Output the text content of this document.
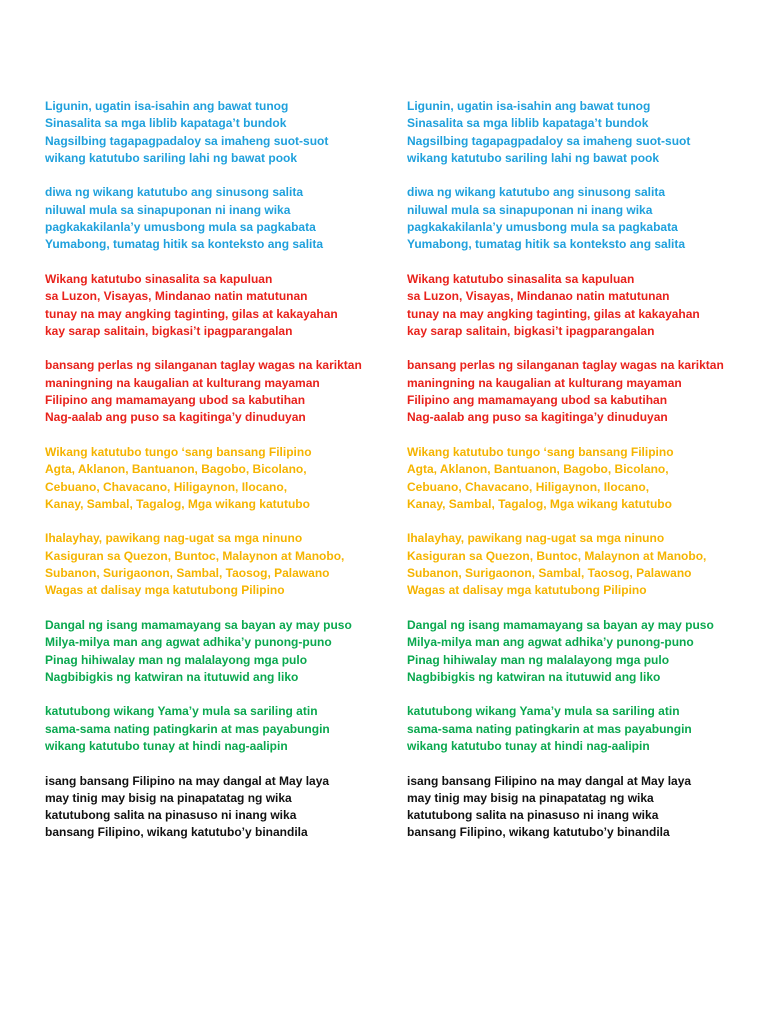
Ligunin, ugatin isa-isahin ang bawat tunog
Sinasalita sa mga liblib kapataga’t bundok
Nagsilbing tagapagpadaloy sa imaheng suot-suot
wikang katutubo sariling lahi ng bawat pook
diwa ng wikang katutubo ang sinusong salita
niluwal mula sa sinapuponan ni inang wika
pagkakakilanla’y umusbong mula sa pagkabata
Yumabong, tumatag hitik sa konteksto ang salita
Wikang katutubo sinasalita sa kapuluan
sa Luzon, Visayas, Mindanao natin matutunan
tunay na may angking taginting, gilas at kakayahan
kay sarap salitain, bigkasi’t ipagparangalan
bansang perlas ng silanganan taglay wagas na kariktan
maningning na kaugalian at kulturang mayaman
Filipino ang mamamayang ubod sa kabutihan
Nag-aalab ang puso sa kagitinga’y dinuduyan
Wikang katutubo tungo ‘sang bansang Filipino
Agta, Aklanon, Bantuanon, Bagobo, Bicolano,
Cebuano, Chavacano, Hiligaynon, Ilocano,
Kanay, Sambal, Tagalog, Mga wikang katutubo
Ihalayhay, pawikang nag-ugat sa mga ninuno
Kasiguran sa Quezon, Buntoc, Malaynon at Manobo,
Subanon, Surigaonon, Sambal, Taosog, Palawano
Wagas at dalisay mga katutubong Pilipino
Dangal ng isang mamamayang sa bayan ay may puso
Milya-milya man ang agwat adhika’y punong-puno
Pinag hihiwalay man ng malalayong mga pulo
Nagbibigkis ng katwiran na itutuwid ang liko
katutubong wikang Yama’y mula sa sariling atin
sama-sama nating patingkarin at mas payabungin
wikang katutubo tunay at hindi nag-aalipin
isang bansang Filipino na may dangal at May laya
may tinig may bisig na pinapatatag ng wika
katutubong salita na pinasuso ni inang wika
bansang Filipino, wikang katutubo’y binandila
Ligunin, ugatin isa-isahin ang bawat tunog
Sinasalita sa mga liblib kapataga’t bundok
Nagsilbing tagapagpadaloy sa imaheng suot-suot
wikang katutubo sariling lahi ng bawat pook
diwa ng wikang katutubo ang sinusong salita
niluwal mula sa sinapuponan ni inang wika
pagkakakilanla’y umusbong mula sa pagkabata
Yumabong, tumatag hitik sa konteksto ang salita
Wikang katutubo sinasalita sa kapuluan
sa Luzon, Visayas, Mindanao natin matutunan
tunay na may angking taginting, gilas at kakayahan
kay sarap salitain, bigkasi’t ipagparangalan
bansang perlas ng silanganan taglay wagas na kariktan
maningning na kaugalian at kulturang mayaman
Filipino ang mamamayang ubod sa kabutihan
Nag-aalab ang puso sa kagitinga’y dinuduyan
Wikang katutubo tungo ‘sang bansang Filipino
Agta, Aklanon, Bantuanon, Bagobo, Bicolano,
Cebuano, Chavacano, Hiligaynon, Ilocano,
Kanay, Sambal, Tagalog, Mga wikang katutubo
Ihalayhay, pawikang nag-ugat sa mga ninuno
Kasiguran sa Quezon, Buntoc, Malaynon at Manobo,
Subanon, Surigaonon, Sambal, Taosog, Palawano
Wagas at dalisay mga katutubong Pilipino
Dangal ng isang mamamayang sa bayan ay may puso
Milya-milya man ang agwat adhika’y punong-puno
Pinag hihiwalay man ng malalayong mga pulo
Nagbibigkis ng katwiran na itutuwid ang liko
katutubong wikang Yama’y mula sa sariling atin
sama-sama nating patingkarin at mas payabungin
wikang katutubo tunay at hindi nag-aalipin
isang bansang Filipino na may dangal at May laya
may tinig may bisig na pinapatatag ng wika
katutubong salita na pinasuso ni inang wika
bansang Filipino, wikang katutubo’y binandila
